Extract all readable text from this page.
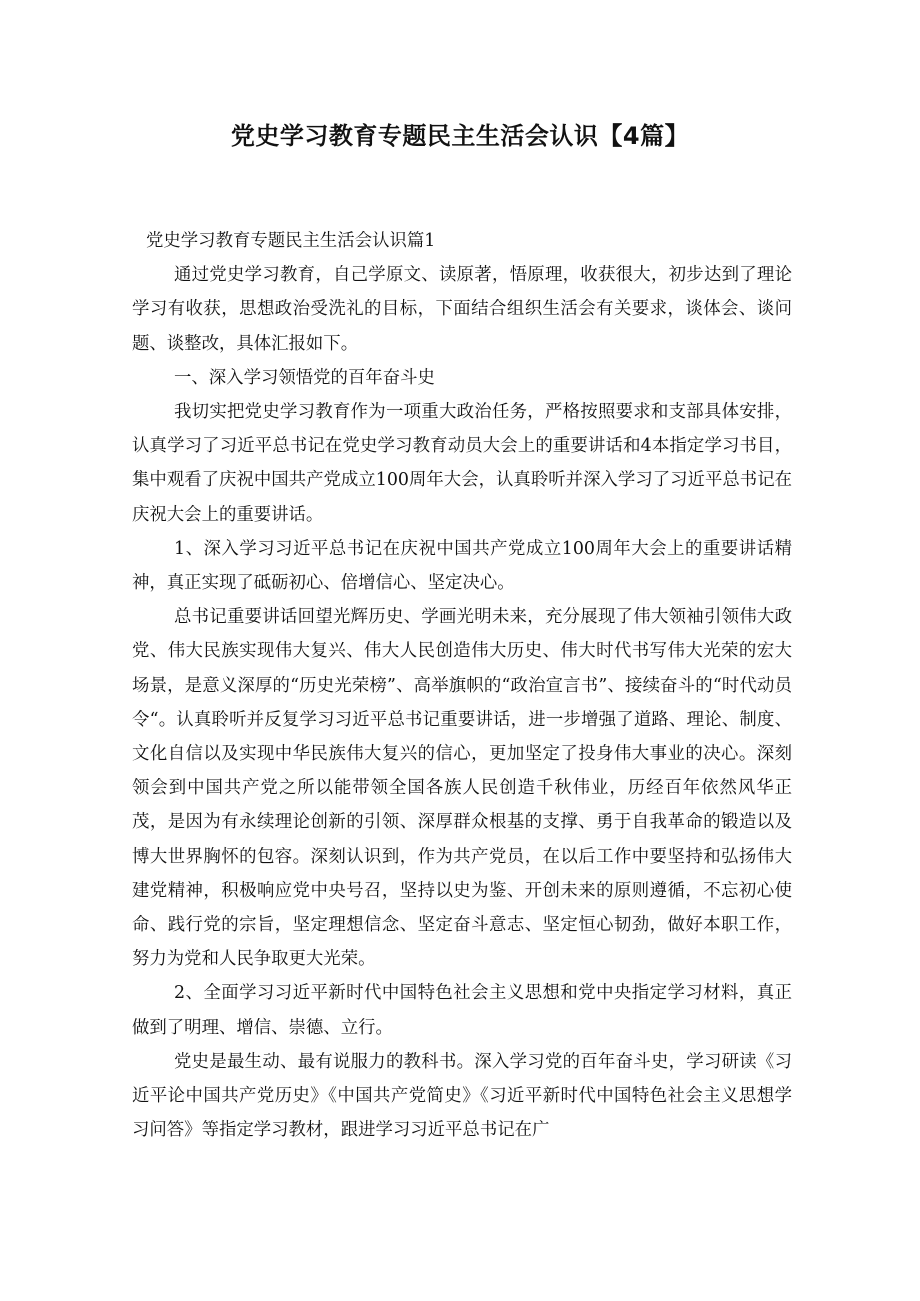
党史学习教育专题民主生活会认识【4篇】

党史学习教育专题民主生活会认识篇1

通过党史学习教育，自己学原文、读原著，悟原理，收获很大，初步达到了理论学习有收获，思想政治受洗礼的目标，下面结合组织生活会有关要求，谈体会、谈问题、谈整改，具体汇报如下。

一、深入学习领悟党的百年奋斗史

我切实把党史学习教育作为一项重大政治任务，严格按照要求和支部具体安排，认真学习了习近平总书记在党史学习教育动员大会上的重要讲话和4本指定学习书目，集中观看了庆祝中国共产党成立100周年大会，认真聆听并深入学习了习近平总书记在庆祝大会上的重要讲话。

1、深入学习习近平总书记在庆祝中国共产党成立100周年大会上的重要讲话精神，真正实现了砥砺初心、倍增信心、坚定决心。

总书记重要讲话回望光辉历史、学画光明未来，充分展现了伟大领袖引领伟大政党、伟大民族实现伟大复兴、伟大人民创造伟大历史、伟大时代书写伟大光荣的宏大场景，是意义深厚的“历史光荣榜”、高举旗帜的“政治宣言书”、接续奋斗的“时代动员令“。认真聆听并反复学习习近平总书记重要讲话，进一步增强了道路、理论、制度、文化自信以及实现中华民族伟大复兴的信心，更加坚定了投身伟大事业的决心。深刻领会到中国共产党之所以能带领全国各族人民创造千秋伟业，历经百年依然风华正茂，是因为有永续理论创新的引领、深厚群众根基的支撑、勇于自我革命的锻造以及博大世界胸怀的包容。深刻认识到，作为共产党员，在以后工作中要坚持和弘扬伟大建党精神，积极响应党中央号召，坚持以史为鉴、开创未来的原则遵循，不忘初心使命、践行党的宗旨，坚定理想信念、坚定奋斗意志、坚定恒心韧劲，做好本职工作，努力为党和人民争取更大光荣。

2、全面学习习近平新时代中国特色社会主义思想和党中央指定学习材料，真正做到了明理、增信、崇德、立行。

党史是最生动、最有说服力的教科书。深入学习党的百年奋斗史，学习研读《习近平论中国共产党历史》《中国共产党简史》《习近平新时代中国特色社会主义思想学习问答》等指定学习教材，跟进学习习近平总书记在广
